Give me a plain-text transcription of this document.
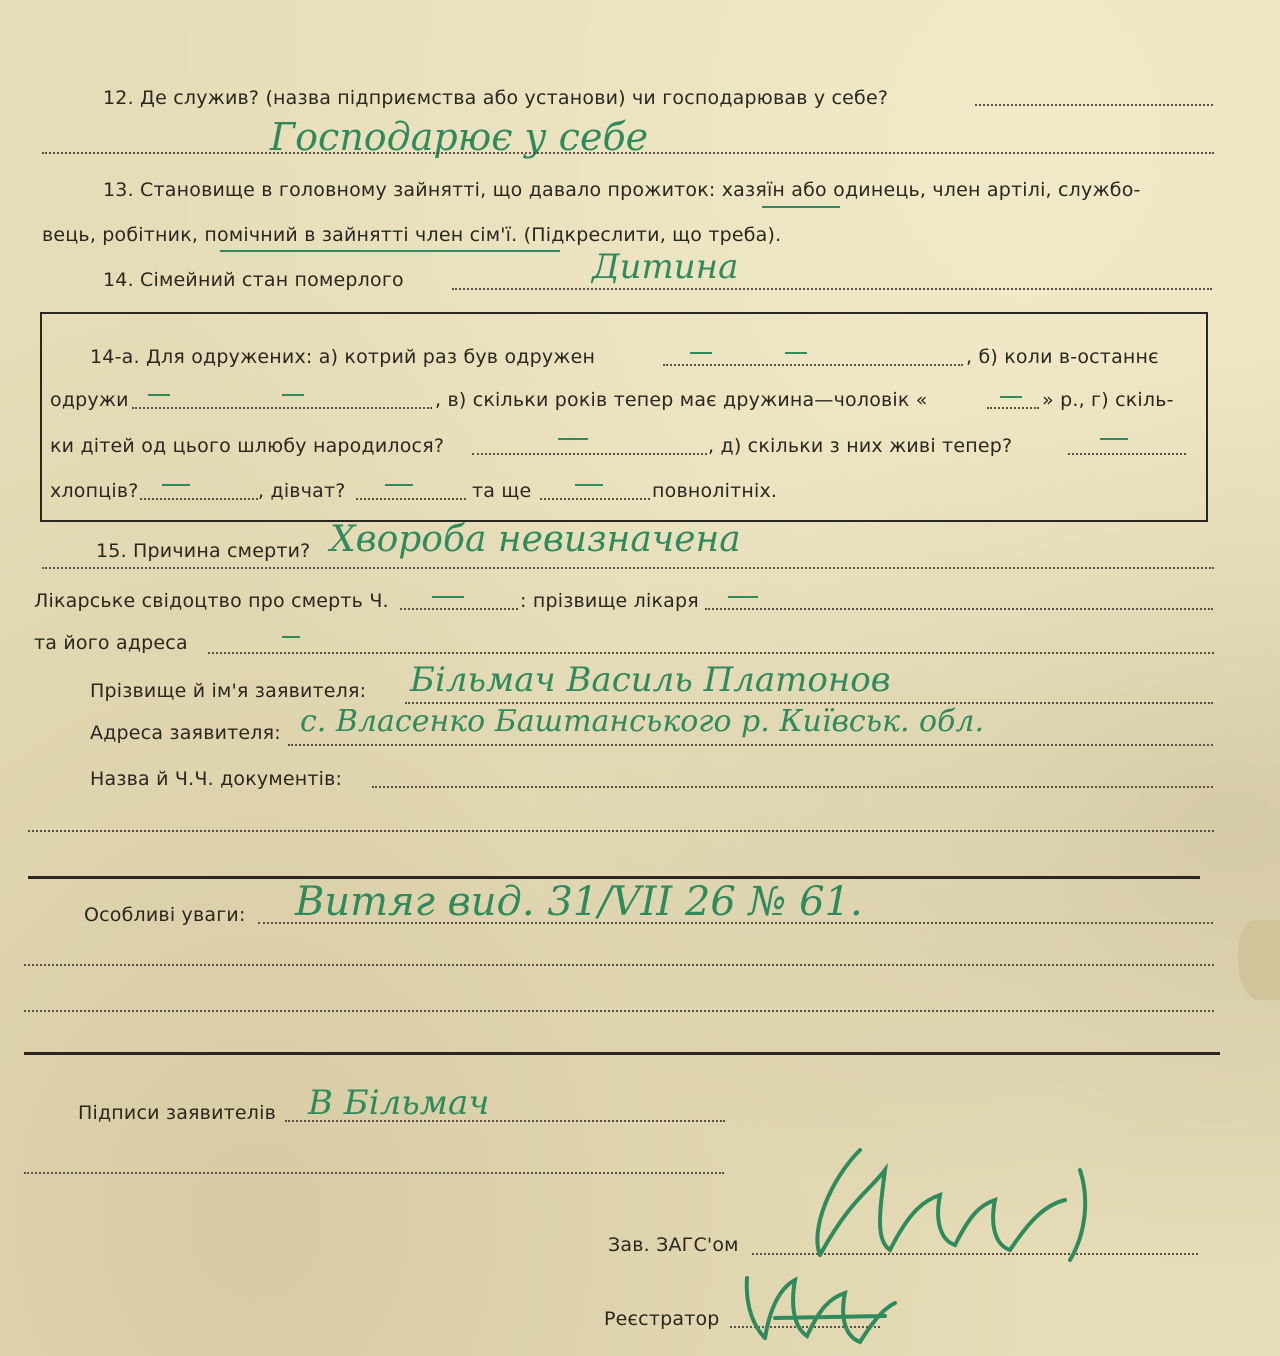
12. Де служив? (назва підприємства або установи) чи господарював у себе?
Господарює у себе
13. Становище в головному зайнятті, що давало прожиток: хазяїн або одинець, член артілі, службо-
вець, робітник, помічний в зайнятті член сім'ї. (Підкреслити, що треба).
14. Сімейний стан померлого	Дитина
14-а. Для одружених: а) котрий раз був одружен	, б) коли в-останнє
одружи	, в) скільки років тепер має дружина—чоловік «	» р., г) скіль-
ки дітей од цього шлюбу народилося?	, д) скільки з них живі тепер?
хлопців?	, дівчат?	та ще	повнолітніх.
15. Причина смерти? Хвороба невизначена
Лікарське свідоцтво про смерть Ч.	: прізвище лікаря
та його адреса
Прізвище й ім'я заявителя: Бiльмач Василь Платонов
Адреса заявителя: с. Власенко Баштанського р. Київськ. обл.
Назва й Ч.Ч. документів:
Особливі уваги: Витяг вид. 31/VII 26 № 61.
Підписи заявителів В Більмач
Зав. ЗАГС'ом
Реєстратор
